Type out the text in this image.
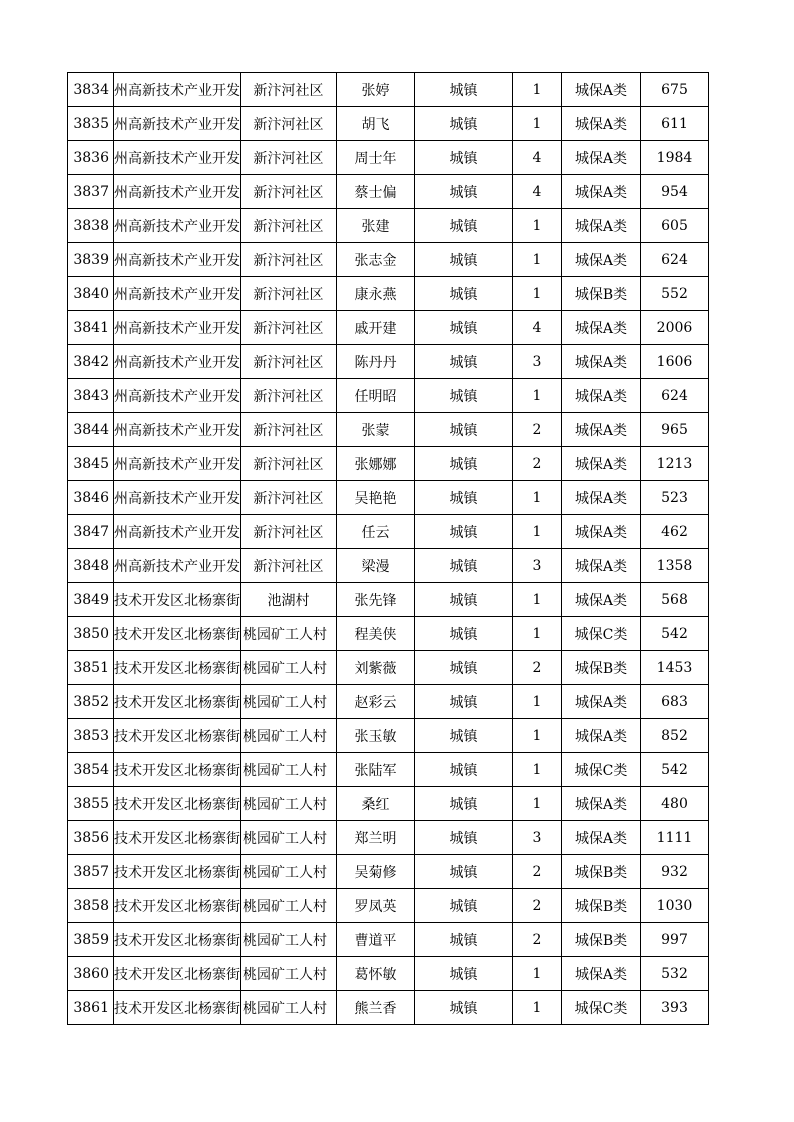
3834	州高新技术产业开发	新汴河社区	张婷	城镇	1	城保A类	675
3835	州高新技术产业开发	新汴河社区	胡飞	城镇	1	城保A类	611
3836	州高新技术产业开发	新汴河社区	周士年	城镇	4	城保A类	1984
3837	州高新技术产业开发	新汴河社区	蔡士偏	城镇	4	城保A类	954
3838	州高新技术产业开发	新汴河社区	张建	城镇	1	城保A类	605
3839	州高新技术产业开发	新汴河社区	张志金	城镇	1	城保A类	624
3840	州高新技术产业开发	新汴河社区	康永燕	城镇	1	城保B类	552
3841	州高新技术产业开发	新汴河社区	戚开建	城镇	4	城保A类	2006
3842	州高新技术产业开发	新汴河社区	陈丹丹	城镇	3	城保A类	1606
3843	州高新技术产业开发	新汴河社区	任明昭	城镇	1	城保A类	624
3844	州高新技术产业开发	新汴河社区	张蒙	城镇	2	城保A类	965
3845	州高新技术产业开发	新汴河社区	张娜娜	城镇	2	城保A类	1213
3846	州高新技术产业开发	新汴河社区	吴艳艳	城镇	1	城保A类	523
3847	州高新技术产业开发	新汴河社区	任云	城镇	1	城保A类	462
3848	州高新技术产业开发	新汴河社区	梁漫	城镇	3	城保A类	1358
3849	技术开发区北杨寨街	池湖村	张先锋	城镇	1	城保A类	568
3850	技术开发区北杨寨街	桃园矿工人村	程美侠	城镇	1	城保C类	542
3851	技术开发区北杨寨街	桃园矿工人村	刘紫薇	城镇	2	城保B类	1453
3852	技术开发区北杨寨街	桃园矿工人村	赵彩云	城镇	1	城保A类	683
3853	技术开发区北杨寨街	桃园矿工人村	张玉敏	城镇	1	城保A类	852
3854	技术开发区北杨寨街	桃园矿工人村	张陆军	城镇	1	城保C类	542
3855	技术开发区北杨寨街	桃园矿工人村	桑红	城镇	1	城保A类	480
3856	技术开发区北杨寨街	桃园矿工人村	郑兰明	城镇	3	城保A类	1111
3857	技术开发区北杨寨街	桃园矿工人村	吴菊修	城镇	2	城保B类	932
3858	技术开发区北杨寨街	桃园矿工人村	罗凤英	城镇	2	城保B类	1030
3859	技术开发区北杨寨街	桃园矿工人村	曹道平	城镇	2	城保B类	997
3860	技术开发区北杨寨街	桃园矿工人村	葛怀敏	城镇	1	城保A类	532
3861	技术开发区北杨寨街	桃园矿工人村	熊兰香	城镇	1	城保C类	393
